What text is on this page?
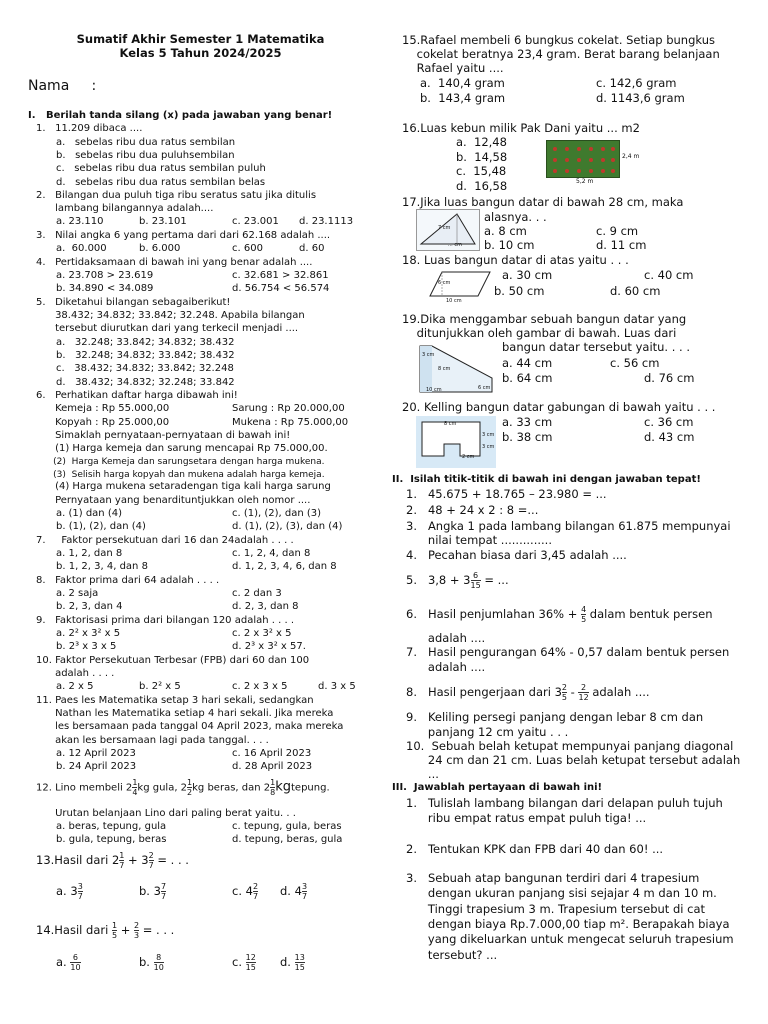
Sumatif Akhir Semester 1 Matematika
Kelas 5 Tahun 2024/2025
Nama     :
I.   Berilah tanda silang (x) pada jawaban yang benar!
1.   11.209 dibaca ....
a.   sebelas ribu dua ratus sembilan
b.   sebelas ribu dua puluhsembilan
c.   sebelas ribu dua ratus sembilan puluh
d.   sebelas ribu dua ratus sembilan belas
2.   Bilangan dua puluh tiga ribu seratus satu jika ditulis
lambang bilangannya adalah....
a. 23.110	b. 23.101	c. 23.001 d. 23.1113
3.   Nilai angka 6 yang pertama dari dari 62.168 adalah ....
a.  60.000	b. 6.000	c. 600	d. 60
4.   Pertidaksamaan di bawah ini yang benar adalah ....
a. 23.708 > 23.619	c. 32.681 > 32.861
b. 34.890 < 34.089	d. 56.754 < 56.574
5.   Diketahui bilangan sebagaiberikut!
38.432; 34.832; 33.842; 32.248. Apabila bilangan
tersebut diurutkan dari yang terkecil menjadi ....
a.   32.248; 33.842; 34.832; 38.432
b.   32.248; 34.832; 33.842; 38.432
c.   38.432; 34.832; 33.842; 32.248
d.   38.432; 34.832; 32.248; 33.842
6.   Perhatikan daftar harga dibawah ini!
Kemeja : Rp 55.000,00	Sarung : Rp 20.000,00
Kopyah : Rp 25.000,00	Mukena : Rp 75.000,00
Simaklah pernyataan-pernyataan di bawah ini!
(1) Harga kemeja dan sarung mencapai Rp 75.000,00.
(2)  Harga Kemeja dan sarungsetara dengan harga mukena.
(3)  Selisih harga kopyah dan mukena adalah harga kemeja.
(4) Harga mukena setaradengan tiga kali harga sarung
Pernyataan yang benardituntjukkan oleh nomor ....
a. (1) dan (4)	c. (1), (2), dan (3)
b. (1), (2), dan (4)	d. (1), (2), (3), dan (4)
7.     Faktor persekutuan dari 16 dan 24adalah . . . .
a. 1, 2, dan 8	c. 1, 2, 4, dan 8
b. 1, 2, 3, 4, dan 8	d. 1, 2, 3, 4, 6, dan 8
8.   Faktor prima dari 64 adalah . . . .
a. 2 saja	c. 2 dan 3
b. 2, 3, dan 4	d. 2, 3, dan 8
9.   Faktorisasi prima dari bilangan 120 adalah . . . .
a. 2² x 3² x 5	c. 2 x 3² x 5
b. 2³ x 3 x 5	d. 2³ x 3² x 57.
10. Faktor Persekutuan Terbesar (FPB) dari 60 dan 100
adalah . . . .
a. 2 x 5	b. 2² x 5	c. 2 x 3 x 5	d. 3 x 5
11. Paes les Matematika setap 3 hari sekali, sedangkan
Nathan les Matematika setiap 4 hari sekali. Jika mereka
les bersamaan pada tanggal 04 April 2023, maka mereka
akan les bersamaan lagi pada tanggal. . . .
a. 12 April 2023	c. 16 April 2023
b. 24 April 2023	d. 28 April 2023
12. Lino membeli $2 \frac{1}{4}$ kg gula, $2 \frac{1}{2}$ kg beras, dan $2 \frac{1}{8}$ kgtepung.
Urutan belanjaan Lino dari paling berat yaitu. . .
a. beras, tepung, gula	c. tepung, gula, beras
b. gula, tepung, beras	d. tepung, beras, gula
13.Hasil dari $2 \frac{1}{7} + 3 \frac{2}{7}$ = . . .
a. $3 \frac{3}{7}$	b. $3 \frac{7}{7}$	c. $4 \frac{2}{7} d$. $4 \frac{3}{7}$
14.Hasil dari $\frac{1}{5} + \frac{2}{3}$ = . . .
a. $\frac{6}{10}$	b. $\frac{8}{10}$	c. $\frac{12}{15} d$. $\frac{13}{15}$
15.Rafael membeli 6 bungkus cokelat. Setiap bungkus
cokelat beratnya 23,4 gram. Berat barang belanjaan
Rafael yaitu ....
a.  140,4 gram	c. 142,6 gram
b.  143,4 gram	d. 1143,6 gram
16.Luas kebun milik Pak Dani yaitu ... m2
a.  12,48
b.  14,58
c.  15,48
d.  16,58
2,4 m
5,2 m
17.Jika luas bangun datar di bawah 28 cm, maka
alasnya. . .
a. 8 cm	c. 9 cm
b. 10 cm	d. 11 cm
7 cm
... cm
18. Luas bangun datar di atas yaitu . . .
a. 30 cm	c. 40 cm
b. 50 cm	d. 60 cm
6 cm
10 cm
19.Dika menggambar sebuah bangun datar yang
ditunjukkan oleh gambar di bawah. Luas dari
bangun datar tersebut yaitu. . . .
a. 44 cm	c. 56 cm
b. 64 cm	d. 76 cm
3 cm
8 cm
10 cm	6 cm
20. Kelling bangun datar gabungan di bawah yaitu . . .
a. 33 cm	c. 36 cm
b. 38 cm	d. 43 cm
8 cm
3 cm
3 cm
2 cm
II.  Isilah titik-titik di bawah ini dengan jawaban tepat!
1.   45.675 + 18.765 – 23.980 = ...
2.   48 + 24 x 2 : 8 =...
3.   Angka 1 pada lambang bilangan 61.875 mempunyai
nilai tempat ..............
4.   Pecahan biasa dari 3,45 adalah ....
5.   $3,8 + 3 \frac{6}{15}$ = ...
6.   Hasil penjumlahan $36\% + \frac{4}{5}$ dalam bentuk persen
adalah ....
7.   Hasil pengurangan 64% - 0,57 dalam bentuk persen
adalah ....
8.   Hasil pengerjaan dari $3 \frac{2}{5} - \frac{2}{12}$ adalah ....
9.   Keliling persegi panjang dengan lebar 8 cm dan
panjang 12 cm yaitu . . .
10.  Sebuah belah ketupat mempunyai panjang diagonal
24 cm dan 21 cm. Luas belah ketupat tersebut adalah
...
III.  Jawablah pertayaan di bawah ini!
1.   Tulislah lambang bilangan dari delapan puluh tujuh
ribu empat ratus empat puluh tiga! ...
2.   Tentukan KPK dan FPB dari 40 dan 60! ...
3.   Sebuah atap bangunan terdiri dari 4 trapesium
dengan ukuran panjang sisi sejajar 4 m dan 10 m.
Tinggi trapesium 3 m. Trapesium tersebut di cat
dengan biaya Rp.7.000,00 tiap m². Berapakah biaya
yang dikeluarkan untuk mengecat seluruh trapesium
tersebut? ...
